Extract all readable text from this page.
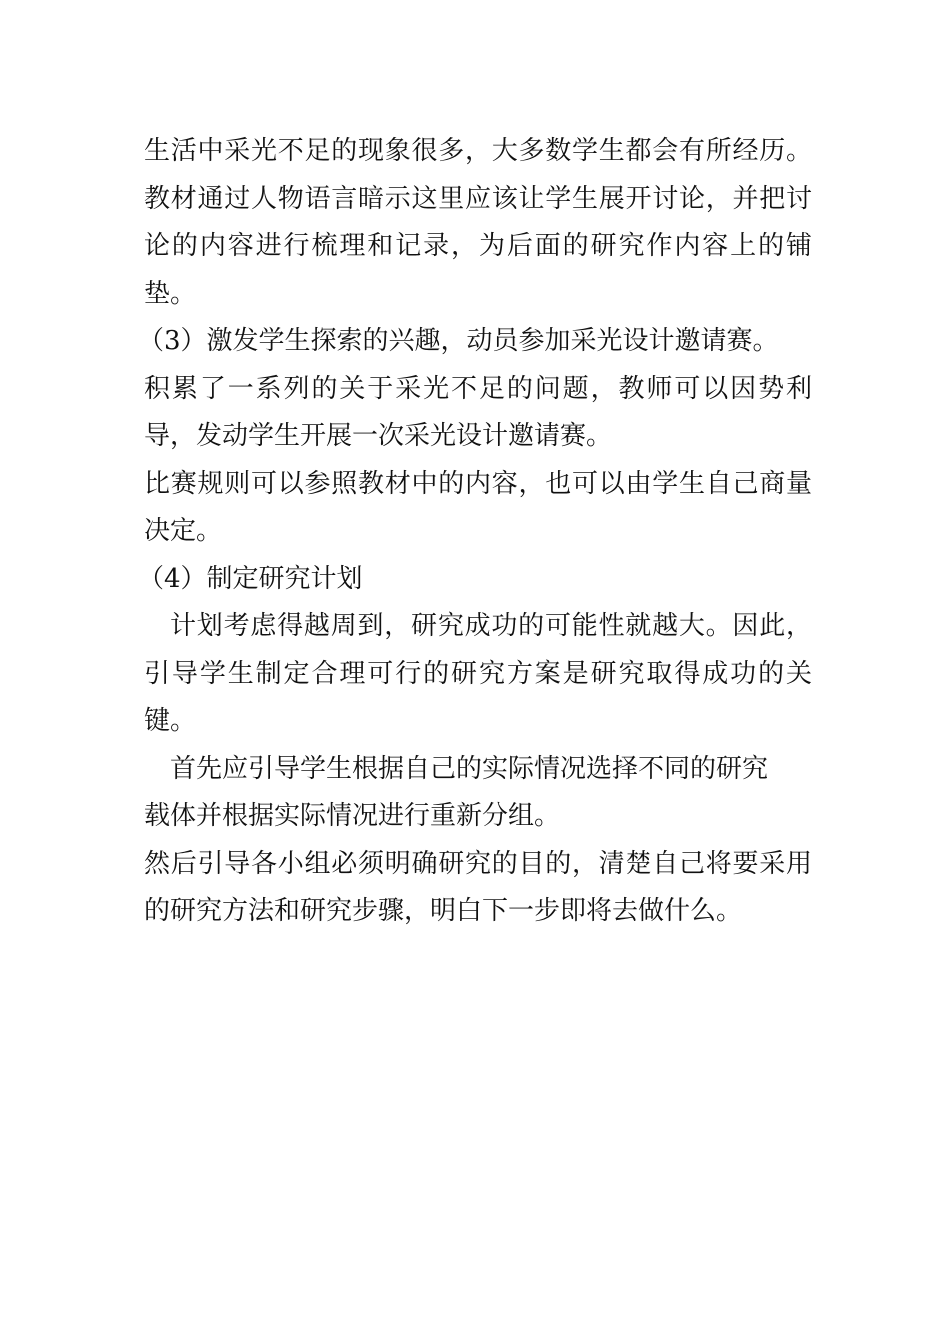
生活中采光不足的现象很多，大多数学生都会有所经历。教材通过人物语言暗示这里应该让学生展开讨论，并把讨论的内容进行梳理和记录，为后面的研究作内容上的铺垫。

（3）激发学生探索的兴趣，动员参加采光设计邀请赛。

积累了一系列的关于采光不足的问题，教师可以因势利导，发动学生开展一次采光设计邀请赛。

比赛规则可以参照教材中的内容，也可以由学生自己商量决定。

（4）制定研究计划

计划考虑得越周到，研究成功的可能性就越大。因此，引导学生制定合理可行的研究方案是研究取得成功的关键。

首先应引导学生根据自己的实际情况选择不同的研究载体并根据实际情况进行重新分组。

然后引导各小组必须明确研究的目的，清楚自己将要采用的研究方法和研究步骤，明白下一步即将去做什么。
